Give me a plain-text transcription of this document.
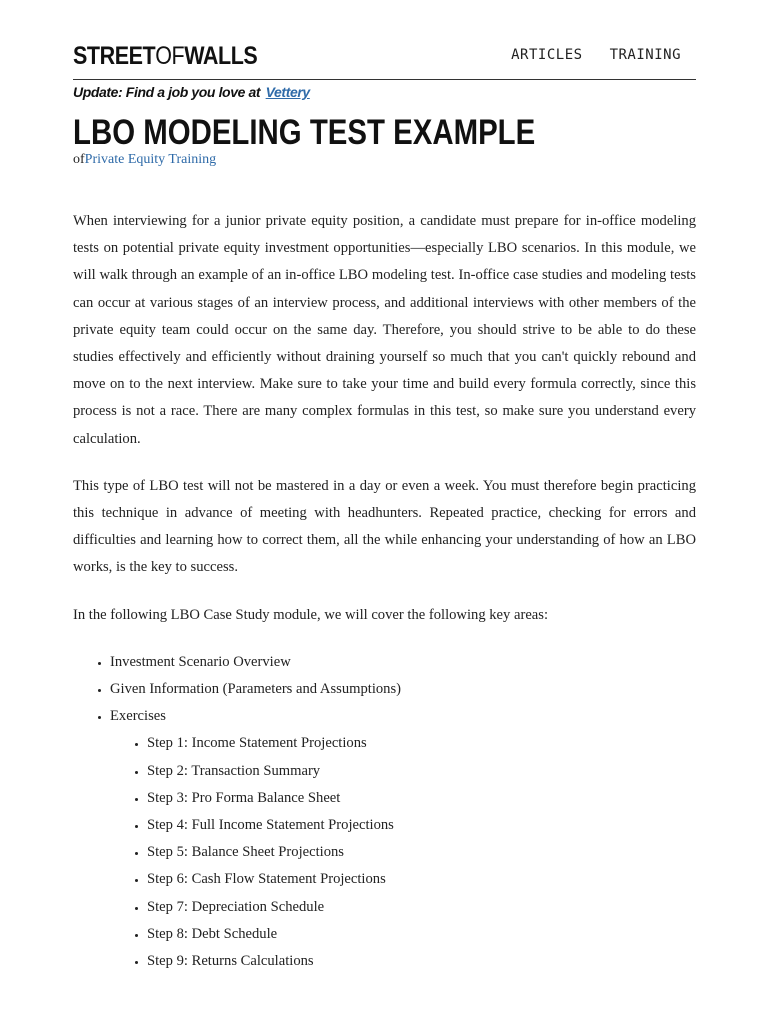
STREETOFWALLS	ARTICLES TRAINING
Update: Find a job you love at Vettery
LBO MODELING TEST EXAMPLE
ofPrivate Equity Training

When interviewing for a junior private equity position, a candidate must prepare for in-office modeling tests on potential private equity investment opportunities—especially LBO scenarios. In this module, we will walk through an example of an in-office LBO modeling test. In-office case studies and modeling tests can occur at various stages of an interview process, and additional interviews with other members of the private equity team could occur on the same day. Therefore, you should strive to be able to do these studies effectively and efficiently without draining yourself so much that you can't quickly rebound and move on to the next interview. Make sure to take your time and build every formula correctly, since this process is not a race. There are many complex formulas in this test, so make sure you understand every calculation.

This type of LBO test will not be mastered in a day or even a week. You must therefore begin practicing this technique in advance of meeting with headhunters. Repeated practice, checking for errors and difficulties and learning how to correct them, all the while enhancing your understanding of how an LBO works, is the key to success.

In the following LBO Case Study module, we will cover the following key areas:

• Investment Scenario Overview
• Given Information (Parameters and Assumptions)
• Exercises
• Step 1: Income Statement Projections
• Step 2: Transaction Summary
• Step 3: Pro Forma Balance Sheet
• Step 4: Full Income Statement Projections
• Step 5: Balance Sheet Projections
• Step 6: Cash Flow Statement Projections
• Step 7: Depreciation Schedule
• Step 8: Debt Schedule
• Step 9: Returns Calculations
